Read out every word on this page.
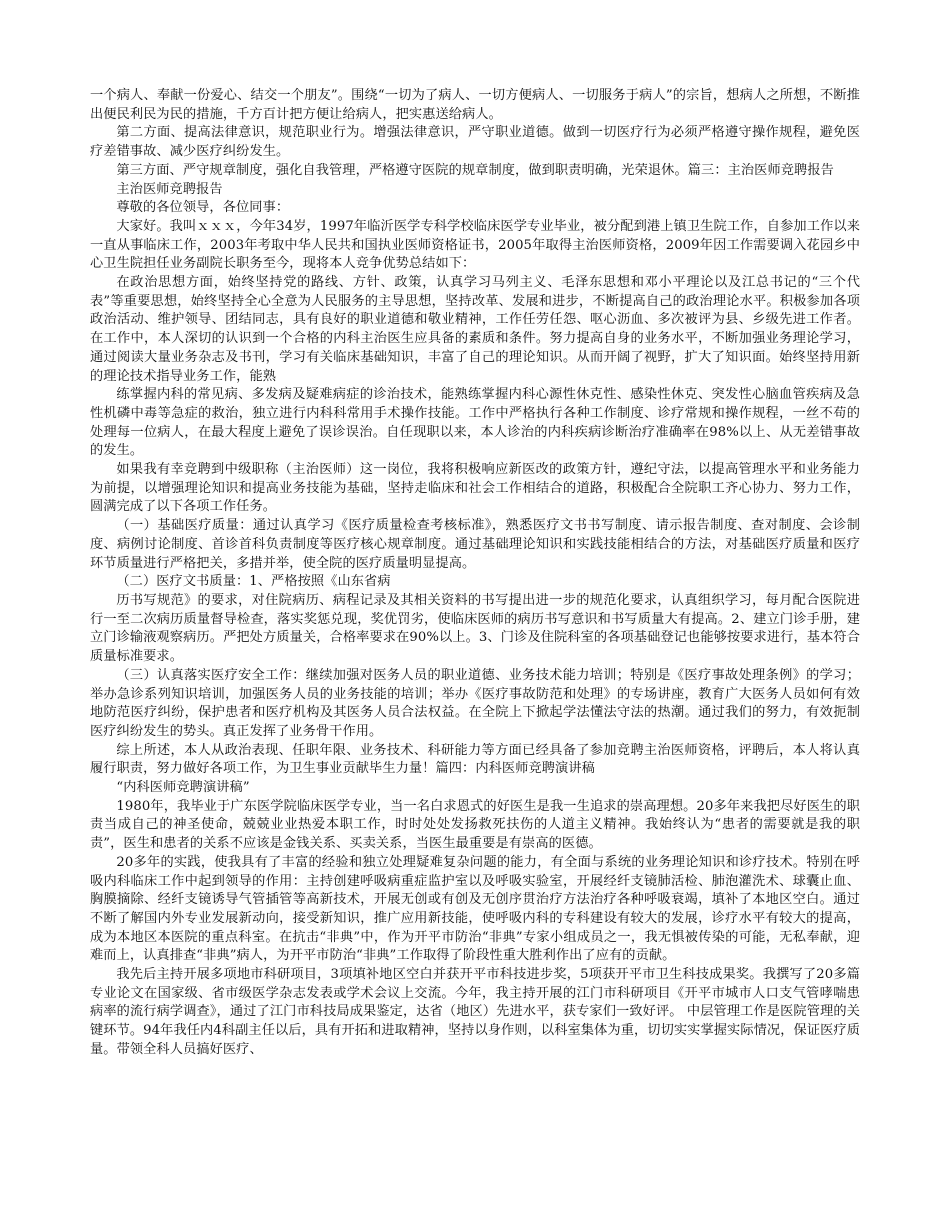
一个病人、奉献一份爱心、结交一个朋友”。围绕“一切为了病人、一切方便病人、一切服务于病人”的宗旨，想病人之所想，不断推出便民利民为民的措施，千方百计把方便让给病人，把实惠送给病人。

第二方面、提高法律意识，规范职业行为。增强法律意识，严守职业道德。做到一切医疗行为必须严格遵守操作规程，避免医疗差错事故、减少医疗纠纷发生。

第三方面、严守规章制度，强化自我管理，严格遵守医院的规章制度，做到职责明确，光荣退休。篇三：主治医师竞聘报告

主治医师竞聘报告

尊敬的各位领导，各位同事：

大家好。我叫ｘｘｘ，今年34岁，1997年临沂医学专科学校临床医学专业毕业，被分配到港上镇卫生院工作，自参加工作以来一直从事临床工作，2003年考取中华人民共和国执业医师资格证书，2005年取得主治医师资格，2009年因工作需要调入花园乡中心卫生院担任业务副院长职务至今，现将本人竞争优势总结如下：

在政治思想方面，始终坚持党的路线、方针、政策，认真学习马列主义、毛泽东思想和邓小平理论以及江总书记的“三个代表”等重要思想，始终坚持全心全意为人民服务的主导思想，坚持改革、发展和进步，不断提高自己的政治理论水平。积极参加各项政治活动、维护领导、团结同志，具有良好的职业道德和敬业精神，工作任劳任怨、呕心沥血、多次被评为县、乡级先进工作者。在工作中，本人深切的认识到一个合格的内科主治医生应具备的素质和条件。努力提高自身的业务水平，不断加强业务理论学习，通过阅读大量业务杂志及书刊，学习有关临床基础知识，丰富了自己的理论知识。从而开阔了视野，扩大了知识面。始终坚持用新的理论技术指导业务工作，能熟

练掌握内科的常见病、多发病及疑难病症的诊治技术，能熟练掌握内科心源性休克性、感染性休克、突发性心脑血管疾病及急性机磷中毒等急症的救治，独立进行内科科常用手术操作技能。工作中严格执行各种工作制度、诊疗常规和操作规程，一丝不苟的处理每一位病人，在最大程度上避免了误诊误治。自任现职以来，本人诊治的内科疾病诊断治疗准确率在98%以上、从无差错事故的发生。

如果我有幸竞聘到中级职称（主治医师）这一岗位，我将积极响应新医改的政策方针，遵纪守法，以提高管理水平和业务能力为前提，以增强理论知识和提高业务技能为基础，坚持走临床和社会工作相结合的道路，积极配合全院职工齐心协力、努力工作，圆满完成了以下各项工作任务。

（一）基础医疗质量：通过认真学习《医疗质量检查考核标准》，熟悉医疗文书书写制度、请示报告制度、查对制度、会诊制度、病例讨论制度、首诊首科负责制度等医疗核心规章制度。通过基础理论知识和实践技能相结合的方法，对基础医疗质量和医疗环节质量进行严格把关，多措并举，使全院的医疗质量明显提高。

（二）医疗文书质量：1、严格按照《山东省病

历书写规范》的要求，对住院病历、病程记录及其相关资料的书写提出进一步的规范化要求，认真组织学习，每月配合医院进行一至二次病历质量督导检查，落实奖惩兑现，奖优罚劣，使临床医师的病历书写意识和书写质量大有提高。2、建立门诊手册，建立门诊输液观察病历。严把处方质量关，合格率要求在90%以上。3、门诊及住院科室的各项基础登记也能够按要求进行，基本符合质量标准要求。

（三）认真落实医疗安全工作：继续加强对医务人员的职业道德、业务技术能力培训；特别是《医疗事故处理条例》的学习；举办急诊系列知识培训，加强医务人员的业务技能的培训；举办《医疗事故防范和处理》的专场讲座，教育广大医务人员如何有效地防范医疗纠纷，保护患者和医疗机构及其医务人员合法权益。在全院上下掀起学法懂法守法的热潮。通过我们的努力，有效扼制医疗纠纷发生的势头。真正发挥了业务骨干作用。

综上所述，本人从政治表现、任职年限、业务技术、科研能力等方面已经具备了参加竞聘主治医师资格，评聘后，本人将认真履行职责，努力做好各项工作，为卫生事业贡献毕生力量！篇四：内科医师竞聘演讲稿

“内科医师竞聘演讲稿”

1980年，我毕业于广东医学院临床医学专业，当一名白求恩式的好医生是我一生追求的崇高理想。20多年来我把尽好医生的职责当成自己的神圣使命，兢兢业业热爱本职工作，时时处处发扬救死扶伤的人道主义精神。我始终认为“患者的需要就是我的职责”，医生和患者的关系不应该是金钱关系、买卖关系，当医生最重要是有崇高的医德。

20多年的实践，使我具有了丰富的经验和独立处理疑难复杂问题的能力，有全面与系统的业务理论知识和诊疗技术。特别在呼吸内科临床工作中起到领导的作用：主持创建呼吸病重症监护室以及呼吸实验室，开展经纤支镜肺活检、肺泡灌洗术、球囊止血、胸膜摘除、经纤支镜诱导气管插管等高新技术，开展无创或有创及无创序贯治疗方法治疗各种呼吸衰竭，填补了本地区空白。通过不断了解国内外专业发展新动向，接受新知识，推广应用新技能，使呼吸内科的专科建设有较大的发展，诊疗水平有较大的提高，成为本地区本医院的重点科室。在抗击“非典”中，作为开平市防治“非典”专家小组成员之一，我无惧被传染的可能，无私奉献，迎难而上，认真排查“非典”病人，为开平市防治“非典”工作取得了阶段性重大胜利作出了应有的贡献。

我先后主持开展多项地市科研项目，3项填补地区空白并获开平市科技进步奖，5项获开平市卫生科技成果奖。我撰写了20多篇专业论文在国家级、省市级医学杂志发表或学术会议上交流。今年，我主持开展的江门市科研项目《开平市城市人口支气管哮喘患病率的流行病学调查》，通过了江门市科技局成果鉴定，达省（地区）先进水平，获专家们一致好评。 中层管理工作是医院管理的关键环节。94年我任内4科副主任以后，具有开拓和进取精神，坚持以身作则，以科室集体为重，切切实实掌握实际情况，保证医疗质量。带领全科人员搞好医疗、
